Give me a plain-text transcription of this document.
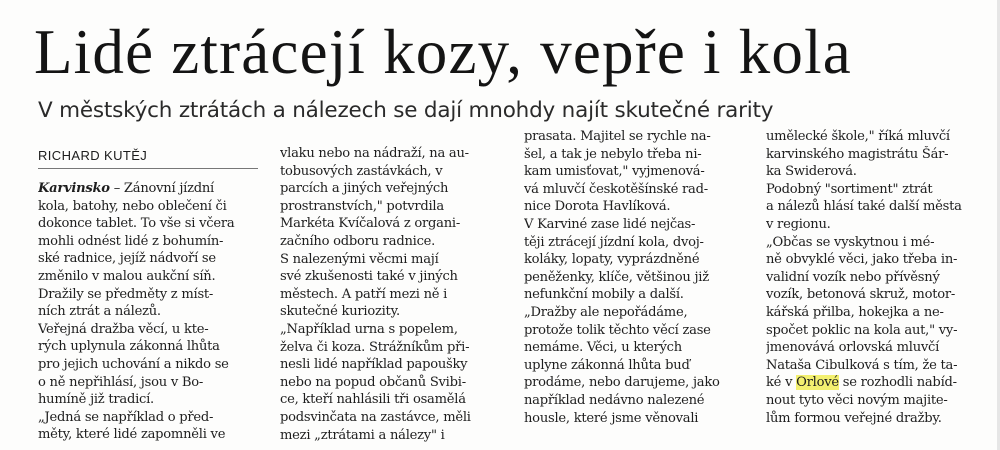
Lidé ztrácejí kozy, vepře i kola
V městských ztrátách a nálezech se dají mnohdy najít skutečné rarity
RICHARD KUTĚJ
Karvinsko – Zánovní jízdní
kola, batohy, nebo oblečení či
dokonce tablet. To vše si včera
mohli odnést lidé z bohumín-
ské radnice, jejíž nádvoří se
změnilo v malou aukční síň.
Dražily se předměty z míst-
ních ztrát a nálezů.
Veřejná dražba věcí, u kte-
rých uplynula zákonná lhůta
pro jejich uchování a nikdo se
o ně nepřihlásí, jsou v Bo-
humíně již tradicí.
„Jedná se například o před-
měty, které lidé zapomněli ve
vlaku nebo na nádraží, na au-
tobusových zastávkách, v
parcích a jiných veřejných
prostranstvích," potvrdila
Markéta Kvíčalová z organi-
začního odboru radnice.
S nalezenými věcmi mají
své zkušenosti také v jiných
městech. A patří mezi ně i
skutečné kuriozity.
„Například urna s popelem,
želva či koza. Strážníkům při-
nesli lidé například papoušky
nebo na popud občanů Svibi-
ce, kteří nahlásili tři osamělá
podsvinčata na zastávce, měli
mezi „ztrátami a nálezy" i
prasata. Majitel se rychle na-
šel, a tak je nebylo třeba ni-
kam umisťovat," vyjmenová-
vá mluvčí českotěšínské rad-
nice Dorota Havlíková.
V Karviné zase lidé nejčas-
těji ztrácejí jízdní kola, dvoj-
koláky, lopaty, vyprázdněné
peněženky, klíče, většinou již
nefunkční mobily a další.
„Dražby ale nepořádáme,
protože tolik těchto věcí zase
nemáme. Věci, u kterých
uplyne zákonná lhůta buď
prodáme, nebo darujeme, jako
například nedávno nalezené
housle, které jsme věnovali
umělecké škole," říká mluvčí
karvinského magistrátu Šár-
ka Swiderová.
Podobný "sortiment" ztrát
a nálezů hlásí také další města
v regionu.
„Občas se vyskytnou i mé-
ně obvyklé věci, jako třeba in-
validní vozík nebo přívěsný
vozík, betonová skruž, motor-
kářská přilba, hokejka a ne-
spočet poklic na kola aut," vy-
jmenovává orlovská mluvčí
Nataša Cibulková s tím, že ta-
ké v Orlové se rozhodli nabíd-
nout tyto věci novým majite-
lům formou veřejné dražby.
